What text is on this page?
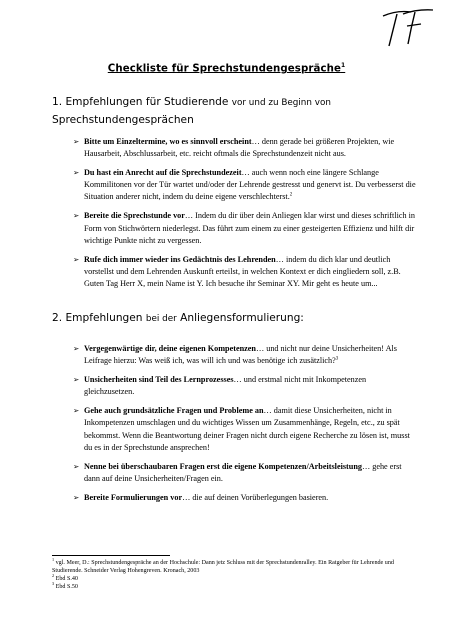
Checkliste für Sprechstundengespräche$^1$
1. Empfehlungen für Studierende vor und zu Beginn von
Sprechstundengesprächen
➢ Bitte um Einzeltermine, wo es sinnvoll erscheint… denn gerade bei größeren Projekten, wie Hausarbeit, Abschlussarbeit, etc. reicht oftmals die Sprechstundenzeit nicht aus.
➢ Du hast ein Anrecht auf die Sprechstundezeit… auch wenn noch eine längere Schlange Kommilitonen vor der Tür wartet und/oder der Lehrende gestresst und genervt ist. Du verbesserst die Situation anderer nicht, indem du deine eigene verschlechterst.$^2$
➢ Bereite die Sprechstunde vor… Indem du dir über dein Anliegen klar wirst und dieses schriftlich in Form von Stichwörtern niederlegst. Das führt zum einem zu einer gesteigerten Effizienz und hilft dir wichtige Punkte nicht zu vergessen.
➢ Rufe dich immer wieder ins Gedächtnis des Lehrenden… indem du dich klar und deutlich vorstellst und dem Lehrenden Auskunft erteilst, in welchen Kontext er dich eingliedern soll, z.B. Guten Tag Herr X, mein Name ist Y. Ich besuche ihr Seminar XY. Mir geht es heute um...
2. Empfehlungen bei der Anliegensformulierung:
➢ Vergegenwärtige dir, deine eigenen Kompetenzen… und nicht nur deine Unsicherheiten! Als Leifrage hierzu: Was weiß ich, was will ich und was benötige ich zusätzlich?$^3$
➢ Unsicherheiten sind Teil des Lernprozesses… und erstmal nicht mit Inkompetenzen gleichzusetzen.
➢ Gehe auch grundsätzliche Fragen und Probleme an… damit diese Unsicherheiten, nicht in Inkompetenzen umschlagen und du wichtiges Wissen um Zusammenhänge, Regeln, etc., zu spät bekommst. Wenn die Beantwortung deiner Fragen nicht durch eigene Recherche zu lösen ist, musst du es in der Sprechstunde ansprechen!
➢ Nenne bei überschaubaren Fragen erst die eigene Kompetenzen/Arbeitsleistung… gehe erst dann auf deine Unsicherheiten/Fragen ein.
➢ Bereite Formulierungen vor… die auf deinen Vorüberlegungen basieren.
$^1$ vgl. Meer, D.: Sprechstundengespräche an der Hochschule: Dann jetz Schluss mit der Sprechstundenralley. Ein Ratgeber für Lehrende und Studierende. Schneider Verlag Hohengreven. Kronach, 2003
$^2$ Ebd S.40
$^3$ Ebd S.50
